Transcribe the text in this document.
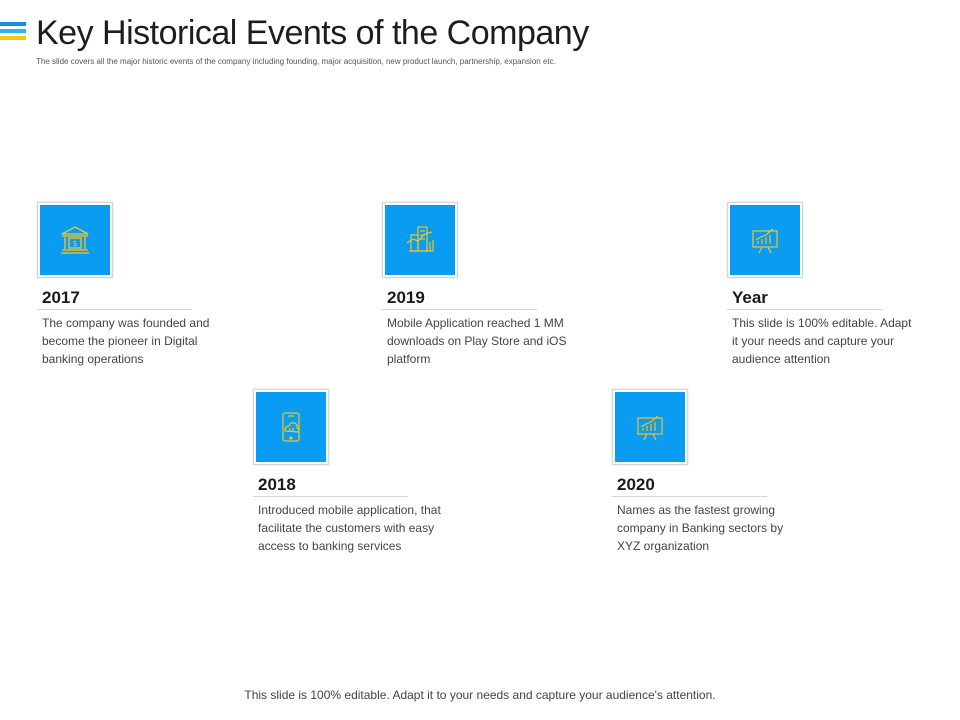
Key Historical Events of the Company
The slide covers all the major historic events of the company including founding, major acquisition, new product launch, partnership, expansion etc.
$
2017
The company was founded and become the pioneer in Digital banking operations
2019
Mobile Application reached 1 MM downloads on Play Store and iOS platform
Year
This slide is 100% editable. Adapt it your needs and capture your audience attention
2018
Introduced mobile application, that facilitate the customers with easy access to banking services
2020
Names as the fastest growing company in Banking sectors by XYZ organization
This slide is 100% editable. Adapt it to your needs and capture your audience's attention.
